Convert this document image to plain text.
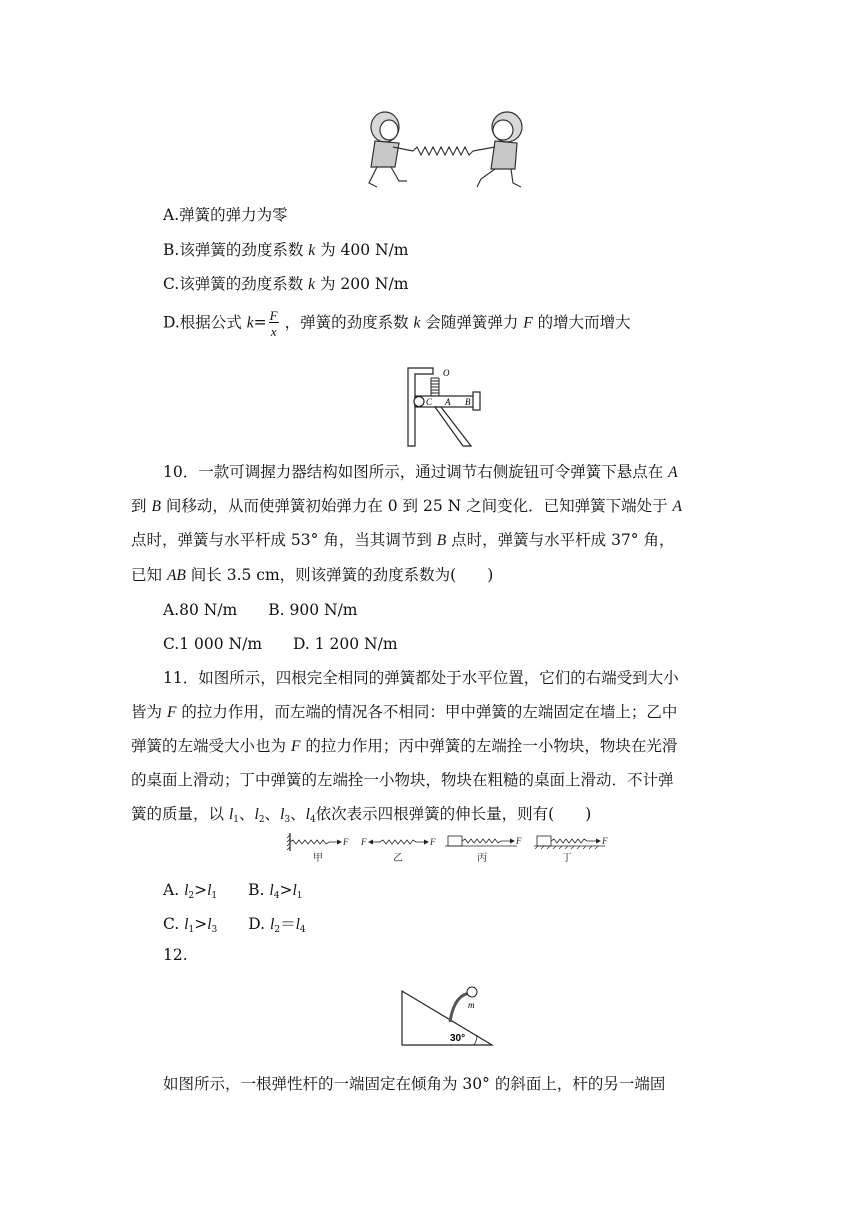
A.弹簧的弹力为零
B.该弹簧的劲度系数 k 为 400 N/m
C.该弹簧的劲度系数 k 为 200 N/m
D.根据公式 $k= \frac{F}{x}$ ，弹簧的劲度系数 k 会随弹簧弹力 F 的增大而增大
O
C A B
10．一款可调握力器结构如图所示，通过调节右侧旋钮可令弹簧下悬点在 A
到 B 间移动，从而使弹簧初始弹力在 0 到 25 N 之间变化．已知弹簧下端处于 A
点时，弹簧与水平杆成 53° 角，当其调节到 B 点时，弹簧与水平杆成 37° 角，
已知 AB 间长 3.5 cm，则该弹簧的劲度系数为(　　)
A.80 N/m　　B. 900 N/m
C.1 000 N/m　　D. 1 200 N/m
11．如图所示，四根完全相同的弹簧都处于水平位置，它们的右端受到大小
皆为 F 的拉力作用，而左端的情况各不相同：甲中弹簧的左端固定在墙上；乙中
弹簧的左端受大小也为 F 的拉力作用；丙中弹簧的左端拴一小物块，物块在光滑
的桌面上滑动；丁中弹簧的左端拴一小物块，物块在粗糙的桌面上滑动．不计弹
簧的质量，以 $l_1$、$l_2$、$l_3$、$l_4$依次表示四根弹簧的伸长量，则有(　　)
F
甲
F	F
乙
F
丙
F
丁
A. $l_2>l_1$　　 B. $l_4>l_1$
C. $l_1>l_3$　　 D. $l_2=l_4$
12.
m
30°
如图所示，一根弹性杆的一端固定在倾角为 30° 的斜面上，杆的另一端固
